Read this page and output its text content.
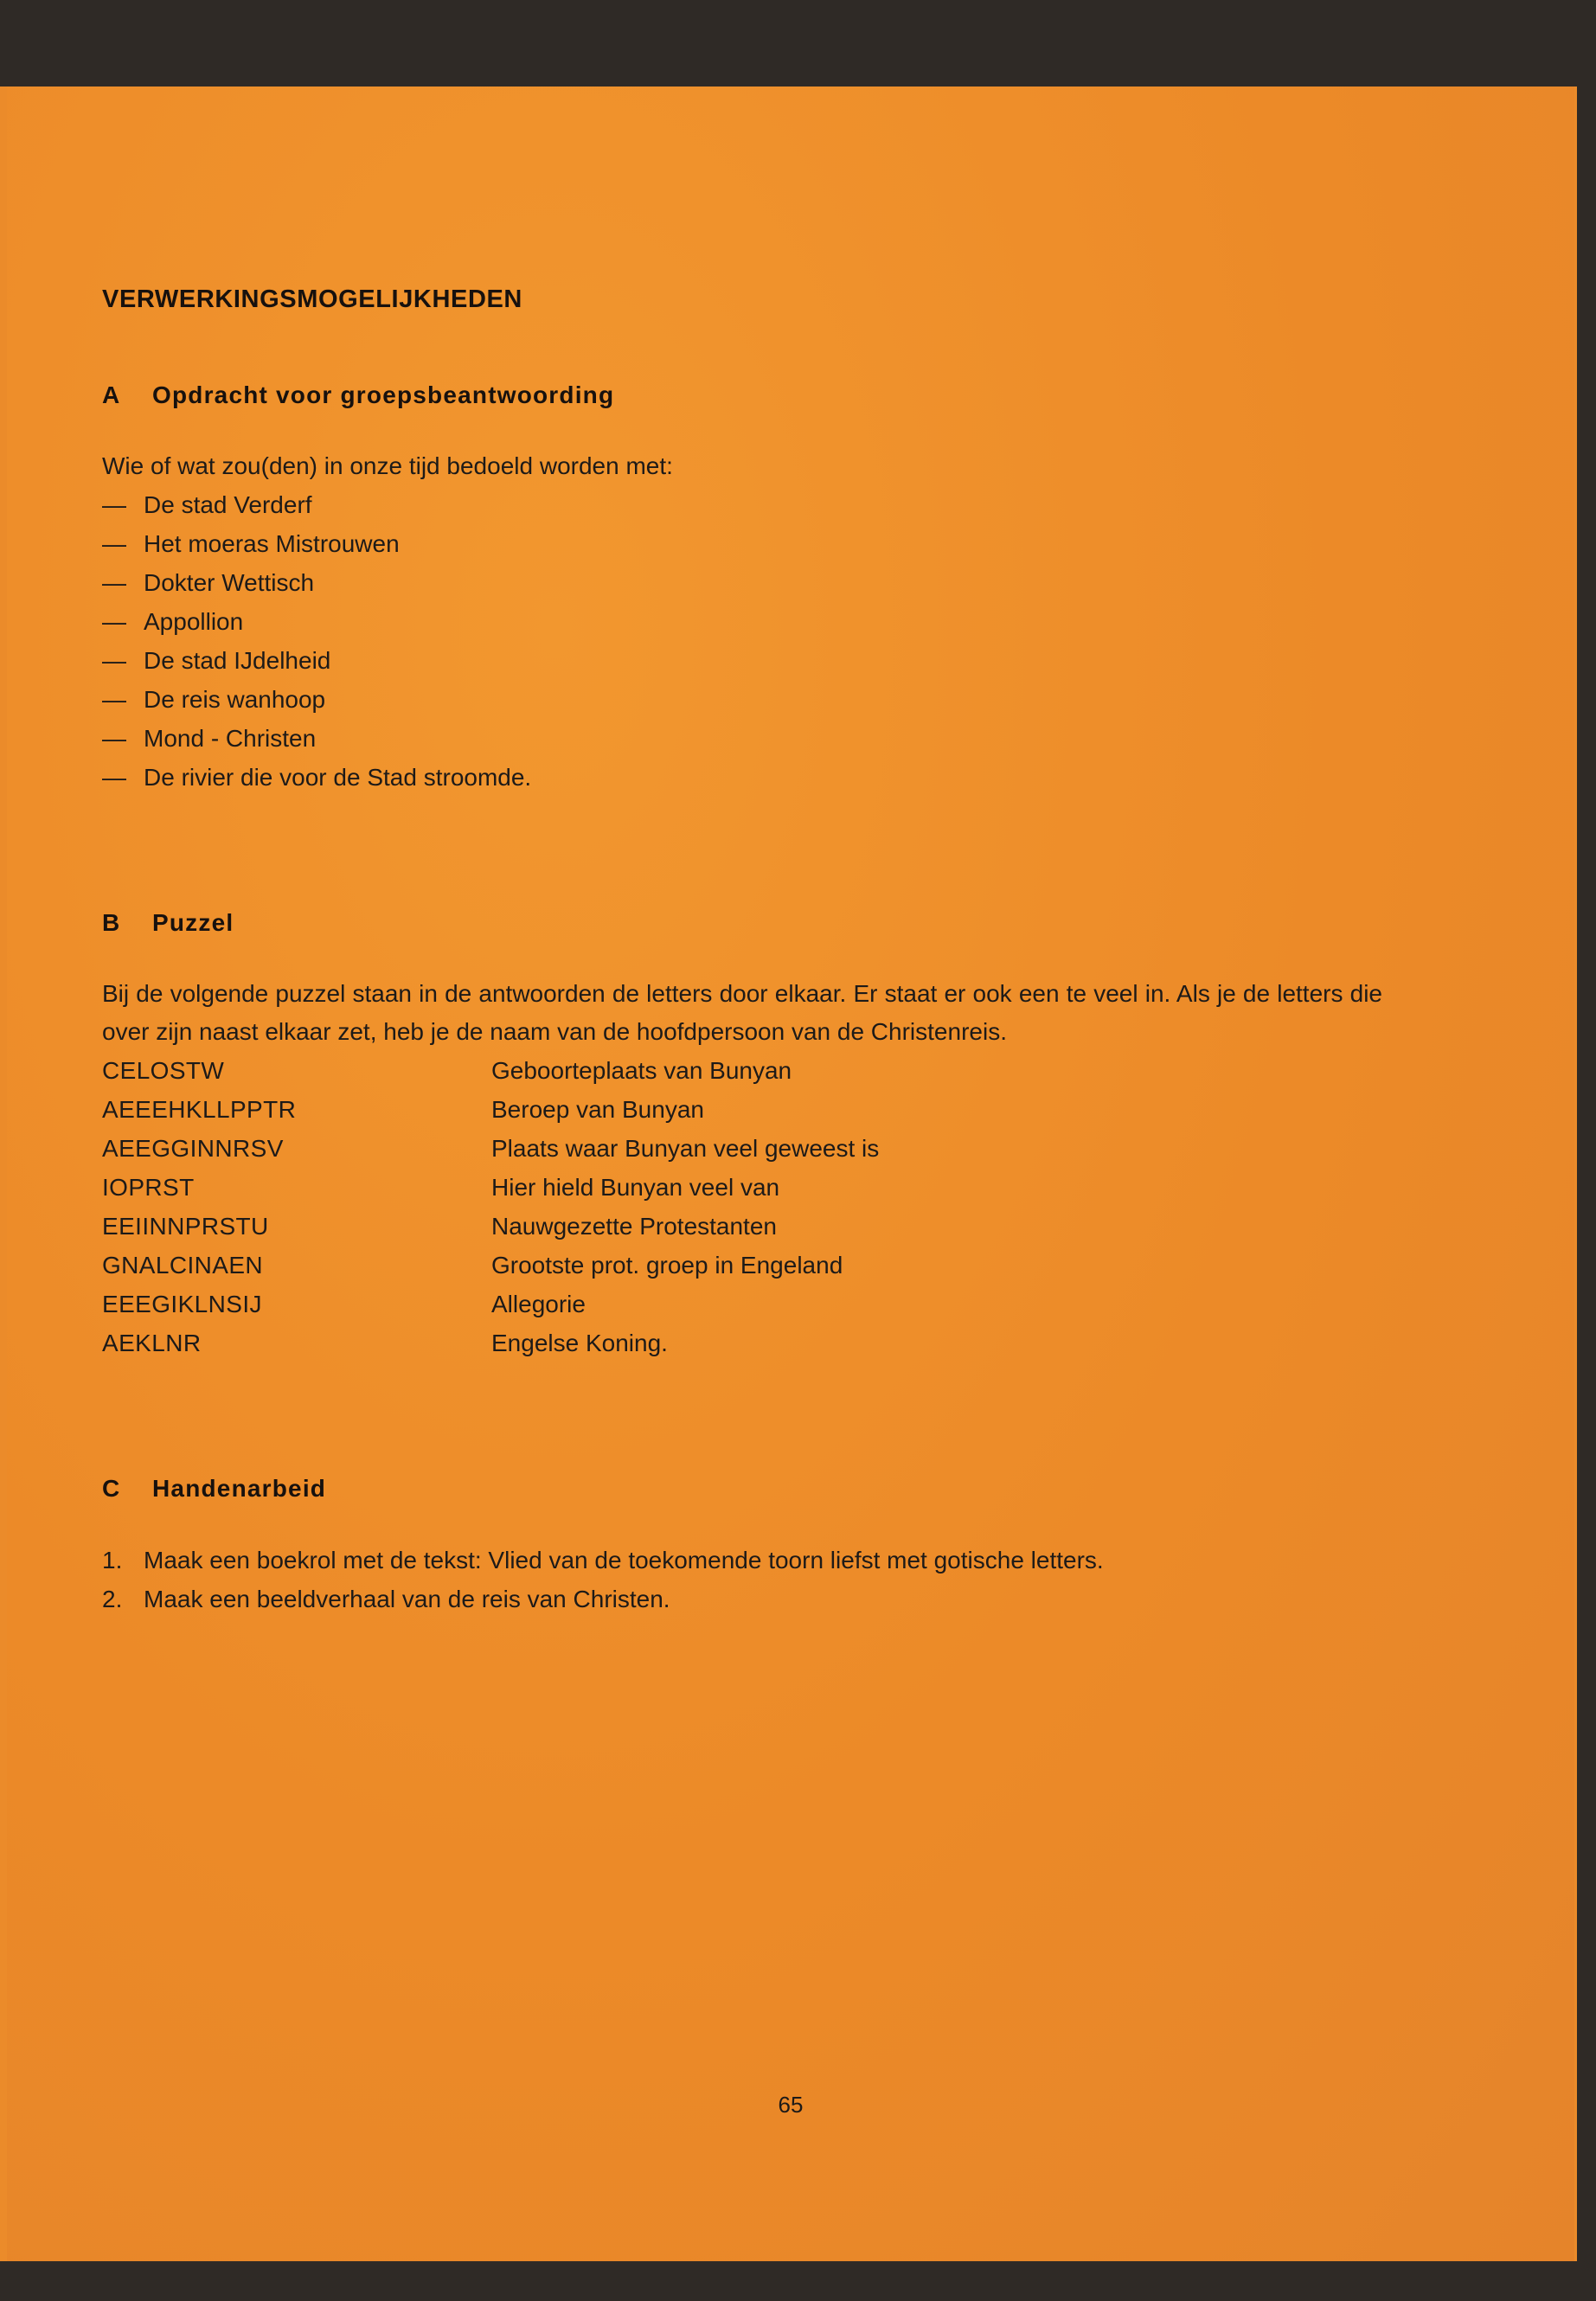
VERWERKINGSMOGELIJKHEDEN
A	Opdracht voor groepsbeantwoording

Wie of wat zou(den) in onze tijd bedoeld worden met:

— De stad Verderf
— Het moeras Mistrouwen
— Dokter Wettisch
— Appollion
— De stad IJdelheid
— De reis wanhoop
— Mond - Christen
— De rivier die voor de Stad stroomde.
B	Puzzel

Bij de volgende puzzel staan in de antwoorden de letters door elkaar. Er staat er ook een te veel in. Als je de letters die over zijn naast elkaar zet, heb je de naam van de hoofdpersoon van de Christenreis.

CELOSTW	Geboorteplaats van Bunyan
AEEEHKLLPPTR	Beroep van Bunyan
AEEGGINNRSV	Plaats waar Bunyan veel geweest is
IOPRST	Hier hield Bunyan veel van
EEIINNPRSTU	Nauwgezette Protestanten
GNALCINAEN	Grootste prot. groep in Engeland
EEEGIKLNSIJ	Allegorie
AEKLNR	Engelse Koning.
C	Handenarbeid
1. Maak een boekrol met de tekst: Vlied van de toekomende toorn liefst met gotische letters.
2. Maak een beeldverhaal van de reis van Christen.
65
